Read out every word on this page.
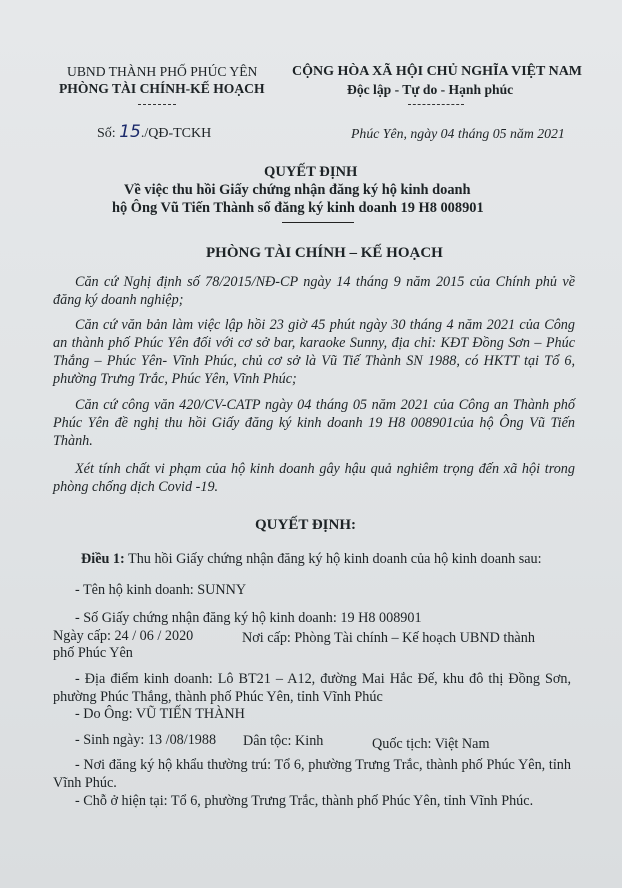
UBND THÀNH PHỐ PHÚC YÊN
PHÒNG TÀI CHÍNH-KẾ HOẠCH
CỘNG HÒA XÃ HỘI CHỦ NGHĨA VIỆT NAM
Độc lập - Tự do - Hạnh phúc
Số: 15./QĐ-TCKH	Phúc Yên, ngày 04 tháng 05 năm 2021
QUYẾT ĐỊNH
Về việc thu hồi Giấy chứng nhận đăng ký hộ kinh doanh
hộ Ông Vũ Tiến Thành số đăng ký kinh doanh 19 H8 008901
PHÒNG TÀI CHÍNH – KẾ HOẠCH
Căn cứ Nghị định số 78/2015/NĐ-CP ngày 14 tháng 9 năm 2015 của Chính phủ về đăng ký doanh nghiệp;
Căn cứ văn bản làm việc lập hồi 23 giờ 45 phút ngày 30 tháng 4 năm 2021 của Công an thành phố Phúc Yên đối với cơ sở bar, karaoke Sunny, địa chỉ: KĐT Đồng Sơn – Phúc Thắng – Phúc Yên- Vĩnh Phúc, chủ cơ sở là Vũ Tiế Thành SN 1988, có HKTT tại Tổ 6, phường Trưng Trắc, Phúc Yên, Vĩnh Phúc;
Căn cứ công văn 420/CV-CATP ngày 04 tháng 05 năm 2021 của Công an Thành phố Phúc Yên đề nghị thu hồi Giấy đăng ký kinh doanh 19 H8 008901của hộ Ông Vũ Tiến Thành.
Xét tính chất vi phạm của hộ kinh doanh gây hậu quả nghiêm trọng đến xã hội trong phòng chống dịch Covid -19.
QUYẾT ĐỊNH:
Điều 1: Thu hồi Giấy chứng nhận đăng ký hộ kinh doanh của hộ kinh doanh sau:
- Tên hộ kinh doanh: SUNNY
- Số Giấy chứng nhận đăng ký hộ kinh doanh: 19 H8 008901
Ngày cấp: 24 / 06 / 2020	Nơi cấp: Phòng Tài chính – Kế hoạch UBND thành
phố Phúc Yên
- Địa điểm kinh doanh: Lô BT21 – A12, đường Mai Hắc Đế, khu đô thị Đồng Sơn, phường Phúc Thắng, thành phố Phúc Yên, tỉnh Vĩnh Phúc
- Do Ông: VŨ TIẾN THÀNH
- Sinh ngày: 13 /08/1988 Dân tộc: Kinh	Quốc tịch: Việt Nam
- Nơi đăng ký hộ khẩu thường trú: Tổ 6, phường Trưng Trắc, thành phố Phúc Yên, tỉnh Vĩnh Phúc.
- Chỗ ở hiện tại: Tổ 6, phường Trưng Trắc, thành phố Phúc Yên, tỉnh Vĩnh Phúc.
